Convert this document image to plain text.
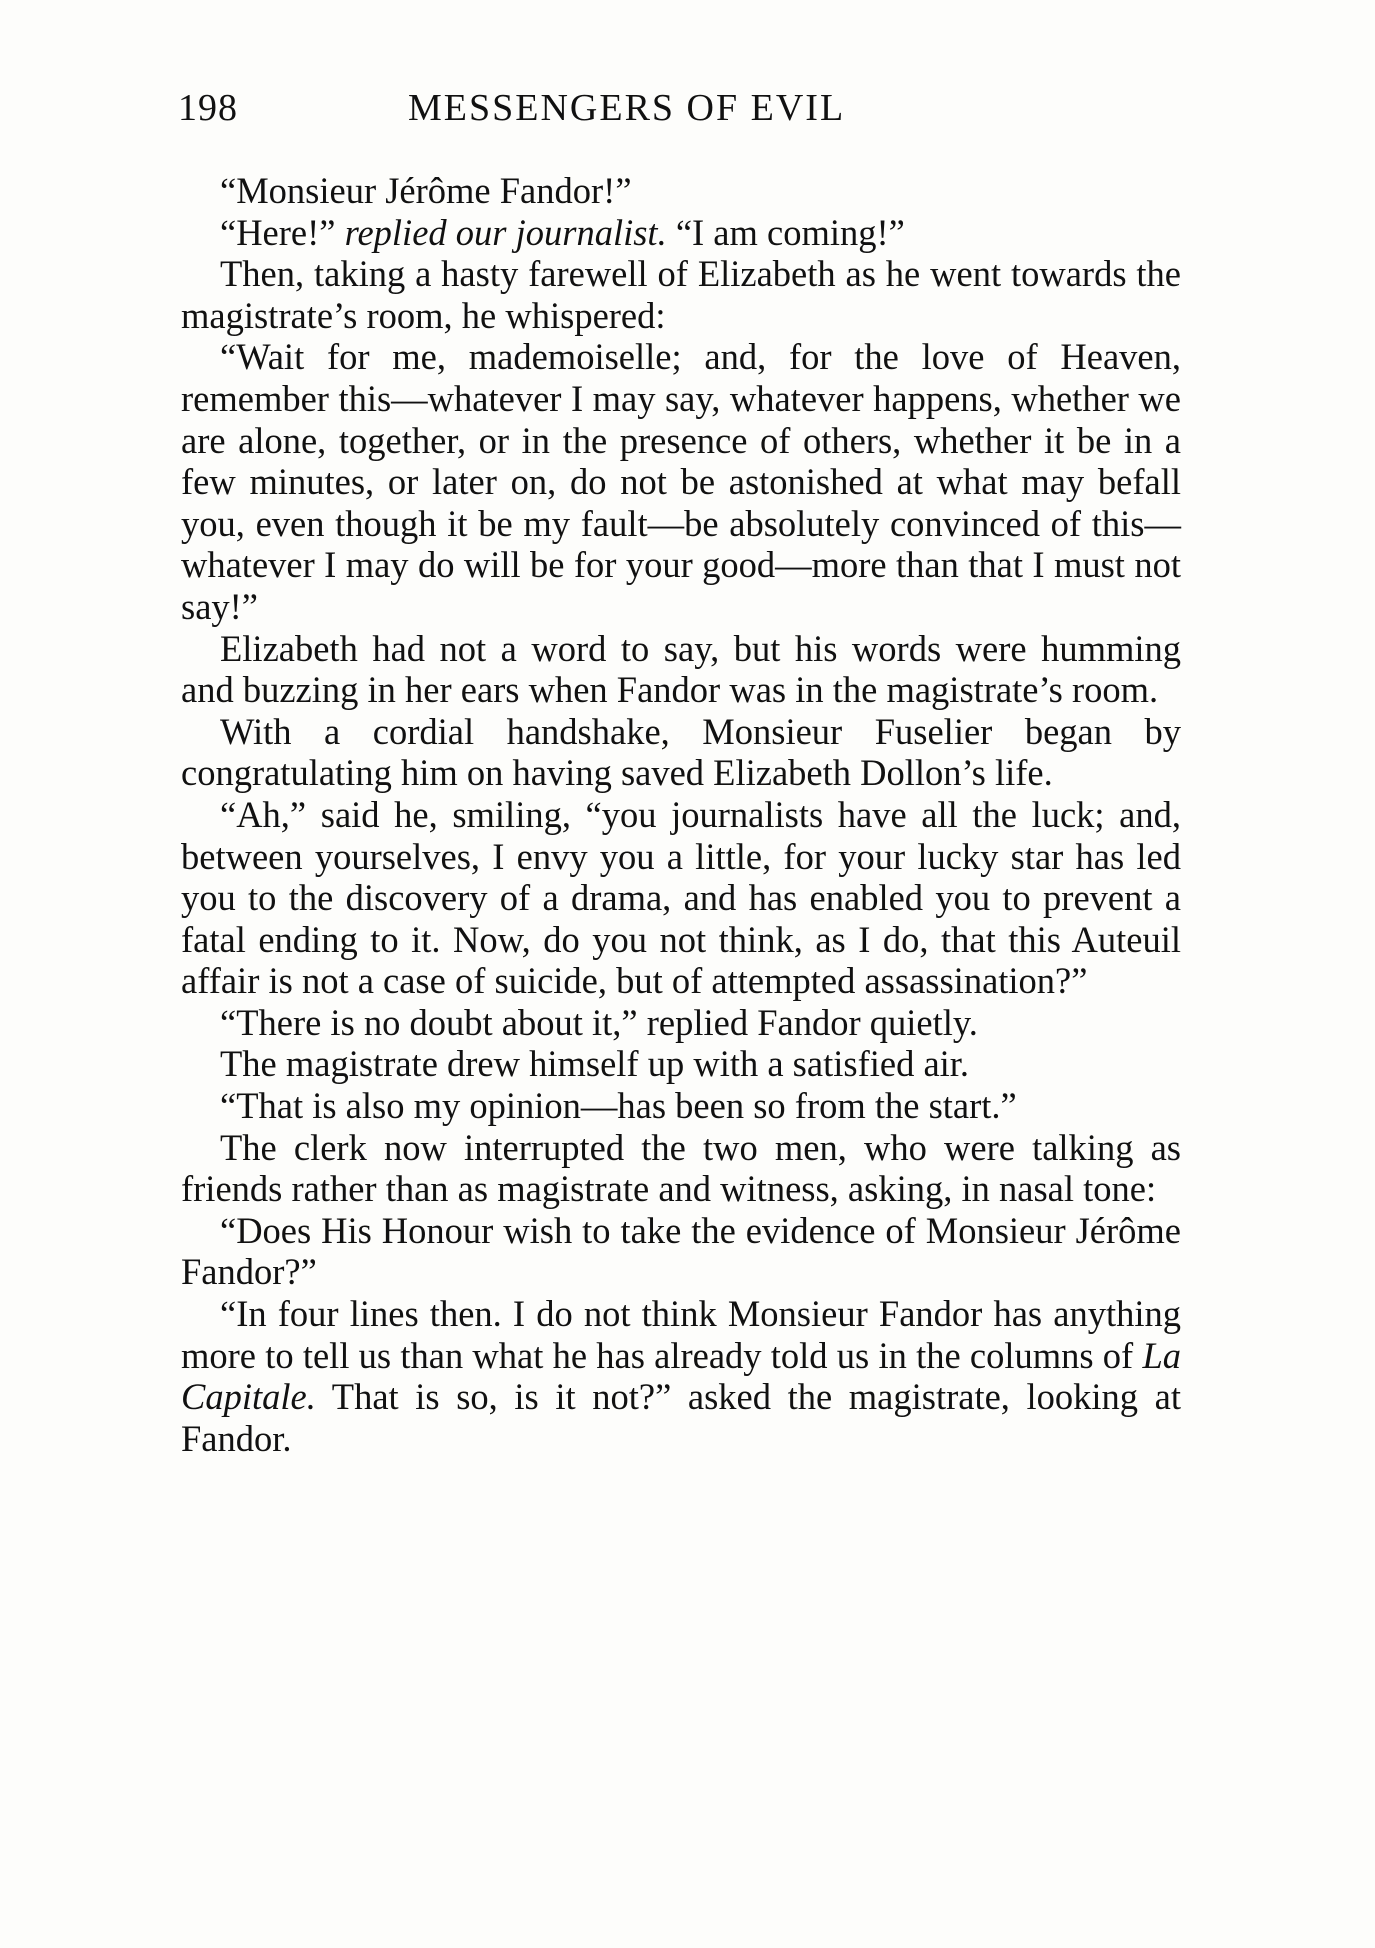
198	MESSENGERS OF EVIL

“Monsieur Jérôme Fandor!”

“Here!” replied our journalist. “I am coming!”

Then, taking a hasty farewell of Elizabeth as he went towards the magistrate’s room, he whispered:

“Wait for me, mademoiselle; and, for the love of Heaven, remember this—whatever I may say, whatever happens, whether we are alone, together, or in the presence of others, whether it be in a few minutes, or later on, do not be astonished at what may befall you, even though it be my fault—be absolutely convinced of this—whatever I may do will be for your good—more than that I must not say!”

Elizabeth had not a word to say, but his words were humming and buzzing in her ears when Fandor was in the magistrate’s room.

With a cordial handshake, Monsieur Fuselier began by congratulating him on having saved Elizabeth Dollon’s life.

“Ah,” said he, smiling, “you journalists have all the luck; and, between yourselves, I envy you a little, for your lucky star has led you to the discovery of a drama, and has enabled you to prevent a fatal ending to it. Now, do you not think, as I do, that this Auteuil affair is not a case of suicide, but of attempted assassination?”

“There is no doubt about it,” replied Fandor quietly.

The magistrate drew himself up with a satisfied air.

“That is also my opinion—has been so from the start.”

The clerk now interrupted the two men, who were talking as friends rather than as magistrate and witness, asking, in nasal tone:

“Does His Honour wish to take the evidence of Monsieur Jérôme Fandor?”

“In four lines then. I do not think Monsieur Fandor has anything more to tell us than what he has already told us in the columns of La Capitale. That is so, is it not?” asked the magistrate, looking at Fandor.
